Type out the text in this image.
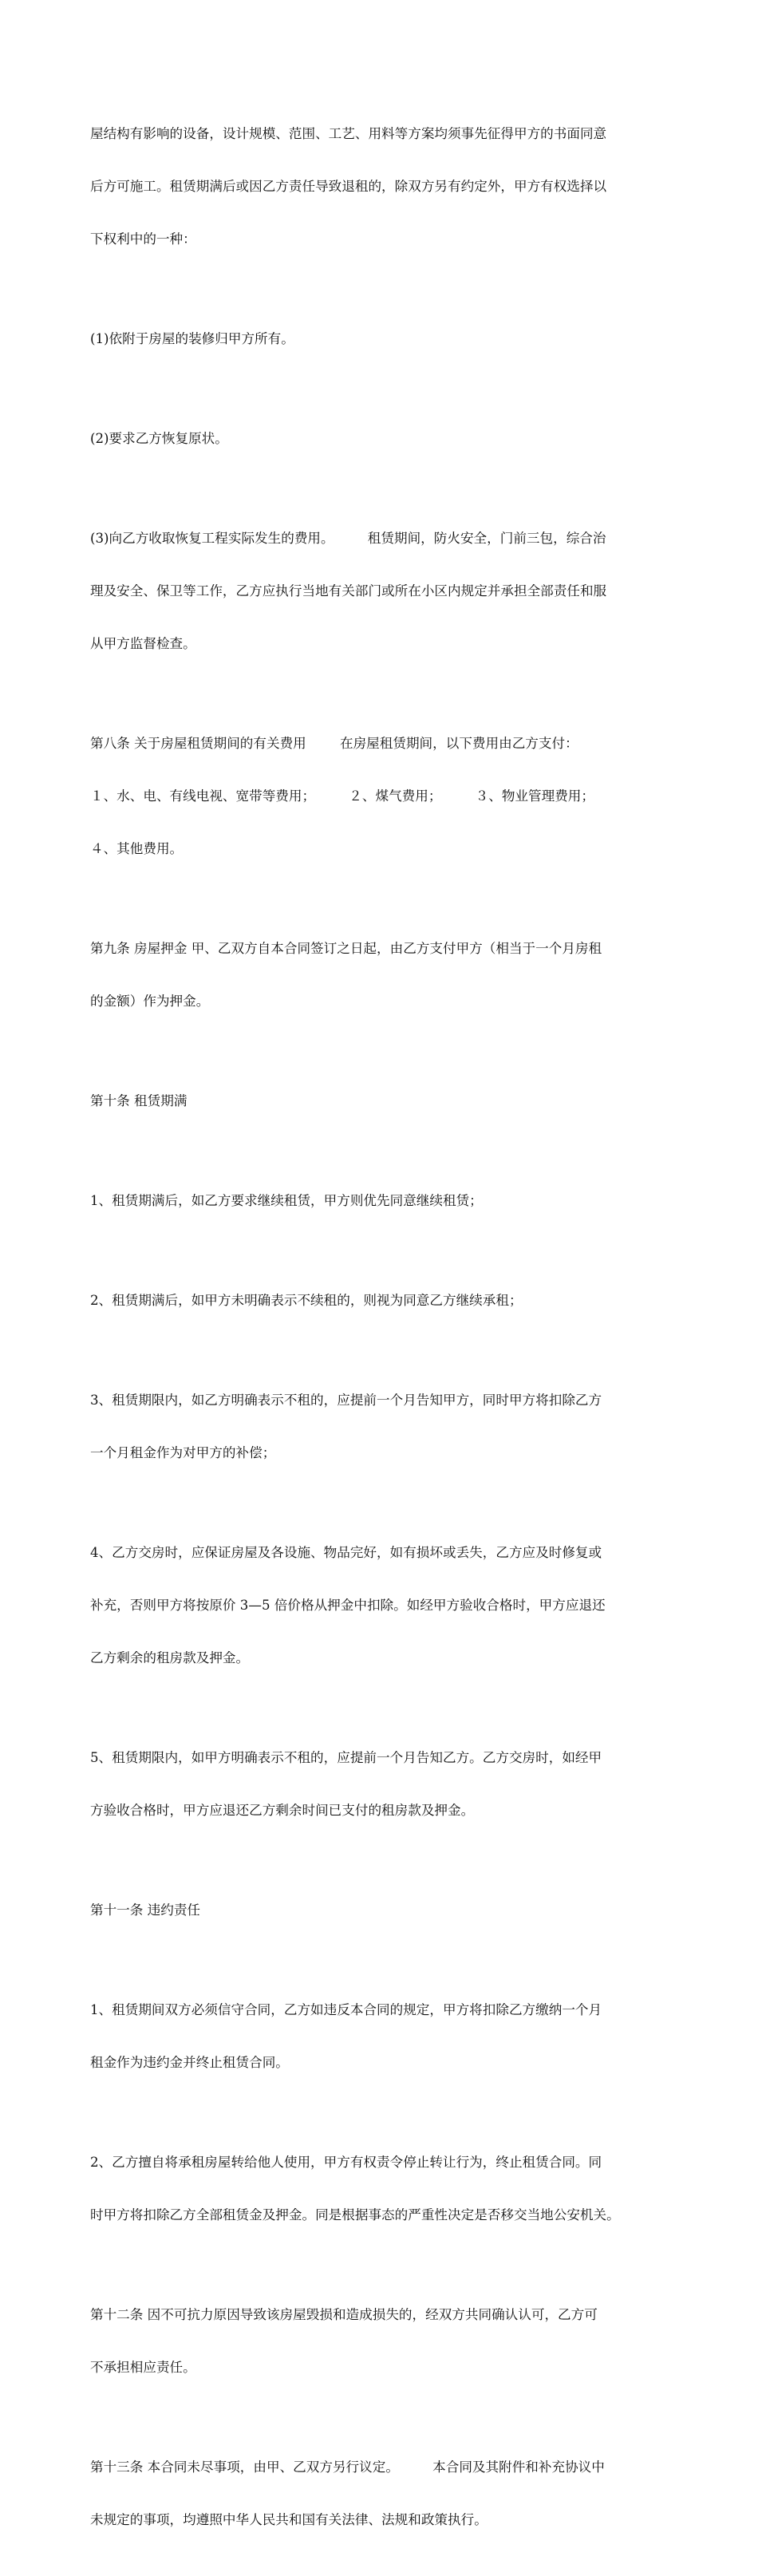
屋结构有影响的设备，设计规模、范围、工艺、用料等方案均须事先征得甲方的书面同意

后方可施工。租赁期满后或因乙方责任导致退租的，除双方另有约定外，甲方有权选择以

下权利中的一种：

(1)依附于房屋的装修归甲方所有。

(2)要求乙方恢复原状。

(3)向乙方收取恢复工程实际发生的费用。        租赁期间，防火安全，门前三包，综合治

理及安全、保卫等工作，乙方应执行当地有关部门或所在小区内规定并承担全部责任和服

从甲方监督检查。

第八条 关于房屋租赁期间的有关费用        在房屋租赁期间，以下费用由乙方支付：

１、水、电、有线电视、宽带等费用；        ２、煤气费用；        ３、物业管理费用；

４、其他费用。

第九条 房屋押金 甲、乙双方自本合同签订之日起，由乙方支付甲方（相当于一个月房租

的金额）作为押金。

第十条 租赁期满

1、租赁期满后，如乙方要求继续租赁，甲方则优先同意继续租赁；

2、租赁期满后，如甲方未明确表示不续租的，则视为同意乙方继续承租；

3、租赁期限内，如乙方明确表示不租的，应提前一个月告知甲方，同时甲方将扣除乙方

一个月租金作为对甲方的补偿；

4、乙方交房时，应保证房屋及各设施、物品完好，如有损坏或丢失，乙方应及时修复或

补充，否则甲方将按原价 3—5 倍价格从押金中扣除。如经甲方验收合格时，甲方应退还

乙方剩余的租房款及押金。

5、租赁期限内，如甲方明确表示不租的，应提前一个月告知乙方。乙方交房时，如经甲

方验收合格时，甲方应退还乙方剩余时间已支付的租房款及押金。

第十一条 违约责任

1、租赁期间双方必须信守合同，乙方如违反本合同的规定，甲方将扣除乙方缴纳一个月

租金作为违约金并终止租赁合同。

2、乙方擅自将承租房屋转给他人使用，甲方有权责令停止转让行为，终止租赁合同。同

时甲方将扣除乙方全部租赁金及押金。同是根据事态的严重性决定是否移交当地公安机关。

第十二条 因不可抗力原因导致该房屋毁损和造成损失的，经双方共同确认认可，乙方可

不承担相应责任。

第十三条 本合同未尽事项，由甲、乙双方另行议定。        本合同及其附件和补充协议中

未规定的事项，均遵照中华人民共和国有关法律、法规和政策执行。
